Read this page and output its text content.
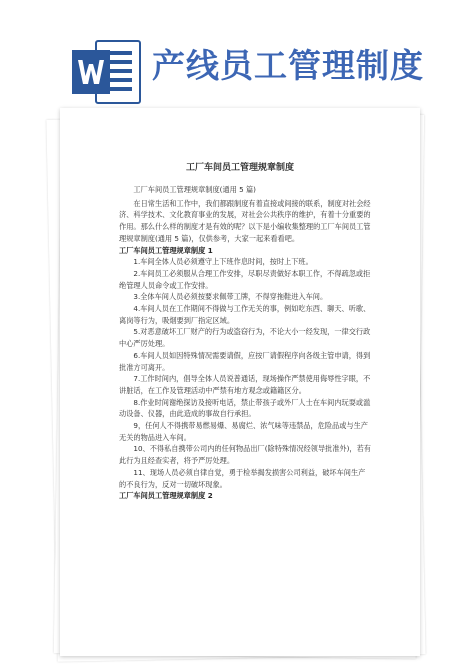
产线员工管理制度
工厂车间员工管理规章制度

工厂车间员工管理规章制度(通用 5 篇)

在日常生活和工作中，我们都跟制度有着直接或间接的联系，制度对社会经济、科学技术、文化教育事业的发展，对社会公共秩序的维护，有着十分重要的作用。那么什么样的制度才是有效的呢？以下是小编收集整理的工厂车间员工管理规章制度(通用 5 篇)，仅供参考，大家一起来看看吧。

工厂车间员工管理规章制度 1

1.车间全体人员必须遵守上下班作息时间，按时上下班。

2.车间员工必须服从合理工作安排，尽职尽责做好本职工作，不得疏忽或拒绝管理人员命令或工作安排。

3.全体车间人员必须按要求佩带工牌，不得穿拖鞋进入车间。

4.车间人员在工作期间不得做与工作无关的事，例如吃东西、聊天、听歌、离岗等行为，吸烟要到厂指定区域。

5.对恶意破坏工厂财产的行为或盗窃行为，不论大小一经发现，一律交行政中心严厉处理。

6.车间人员如因特殊情况需要请假，应按厂请假程序向各级主管申请，得到批准方可离开。

7.工作时间内，倡导全体人员说普通话，现场操作严禁使用侮辱性字眼，不讲脏话，在工作及管理活动中严禁有地方观念或籍籍区分。

8.作业时间谢绝探访及接听电话，禁止带孩子或外厂人士在车间内玩耍或滥动设备、仪器，由此造成的事故自行承担。

9，任何人不得携带易燃易爆、易腐烂、浓气味等违禁品，危险品或与生产无关的物品进入车间。

10、不得私自携带公司内的任何物品出厂(除特殊情况经领导批准外)，若有此行为且经查实者，将予严厉处理。

11、现场人员必须自律自觉，勇于检举揭发损害公司利益，破坏车间生产的不良行为，反对一切破坏现象。

工厂车间员工管理规章制度 2
